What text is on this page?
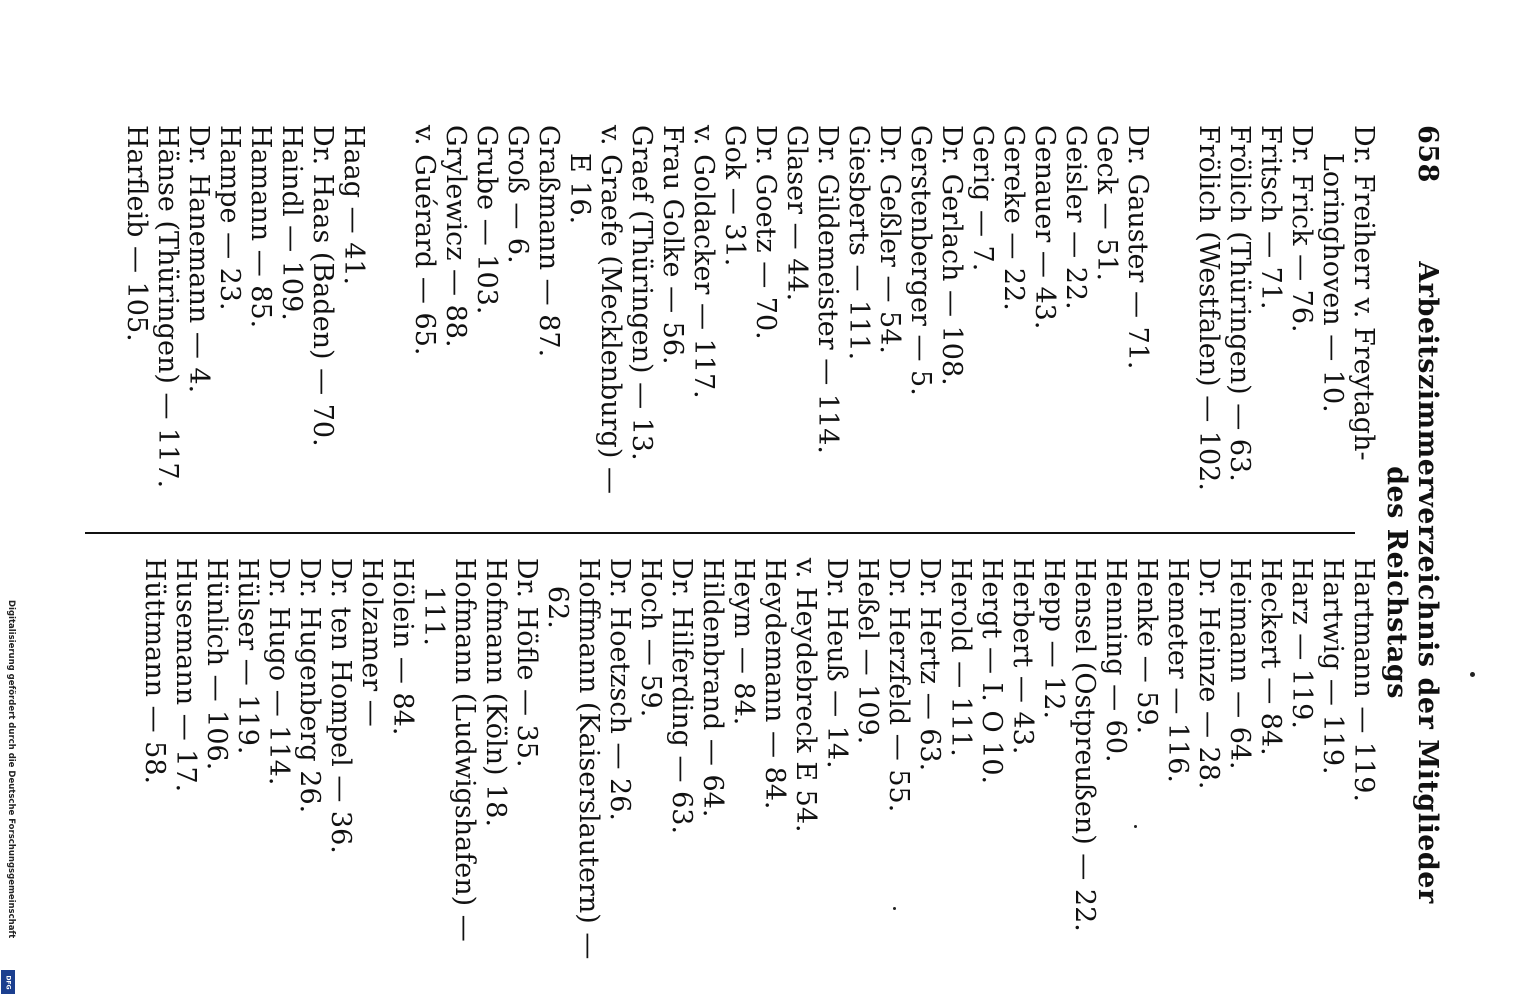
658
Arbeitszimmerverzeichnis der Mitglieder des Reichstags
Dr. Freiherr v. Freytagh-
Loringhoven — 10.
Dr. Frick — 76.
Fritsch — 71.
Frölich (Thüringen) — 63.
Frölich (Westfalen) — 102.
Dr. Gauster — 71.
Geck — 51.
Geisler — 22.
Genauer — 43.
Gereke — 22.
Gerig — 7.
Dr. Gerlach — 108.
Gerstenberger — 5.
Dr. Geßler — 54.
Giesberts — 111.
Dr. Gildemeister — 114.
Glaser — 44.
Dr. Goetz — 70.
Gok — 31.
v. Goldacker — 117.
Frau Golke — 56.
Graef (Thüringen) — 13.
v. Graefe (Mecklenburg) —
E 16.
Graßmann — 87.
Groß — 6.
Grube — 103.
Grylewicz — 88.
v. Guérard — 65.
Haag — 41.
Dr. Haas (Baden) — 70.
Haindl — 109.
Hamann — 85.
Hampe — 23.
Dr. Hanemann — 4.
Hänse (Thüringen) — 117.
Harfleib — 105.
Hartmann — 119.
Hartwig — 119.
Harz — 119.
Heckert — 84.
Heimann — 64.
Dr. Heinze — 28.
Hemeter — 116.
Henke — 59.
Henning — 60.
Hensel (Ostpreußen) — 22.
Hepp — 12.
Herbert — 43.
Hergt — I. O 10.
Herold — 111.
Dr. Hertz — 63.
Dr. Herzfeld — 55.
Heßel — 109.
Dr. Heuß — 14.
v. Heydebreck E 54.
Heydemann — 84.
Heym — 84.
Hildenbrand — 64.
Dr. Hilferding — 63.
Hoch — 59.
Dr. Hoetzsch — 26.
Hoffmann (Kaiserslautern) —
62.
Dr. Höfle — 35.
Hofmann (Köln) 18.
Hofmann (Ludwigshafen) —
111.
Hölein — 84.
Holzamer —
Dr. ten Hompel — 36.
Dr. Hugenberg 26.
Dr. Hugo — 114.
Hülser — 119.
Hünlich — 106.
Husemann — 17.
Hüttmann — 58.
Digitalisierung gefördert durch die Deutsche Forschungsgemeinschaft
DFG
